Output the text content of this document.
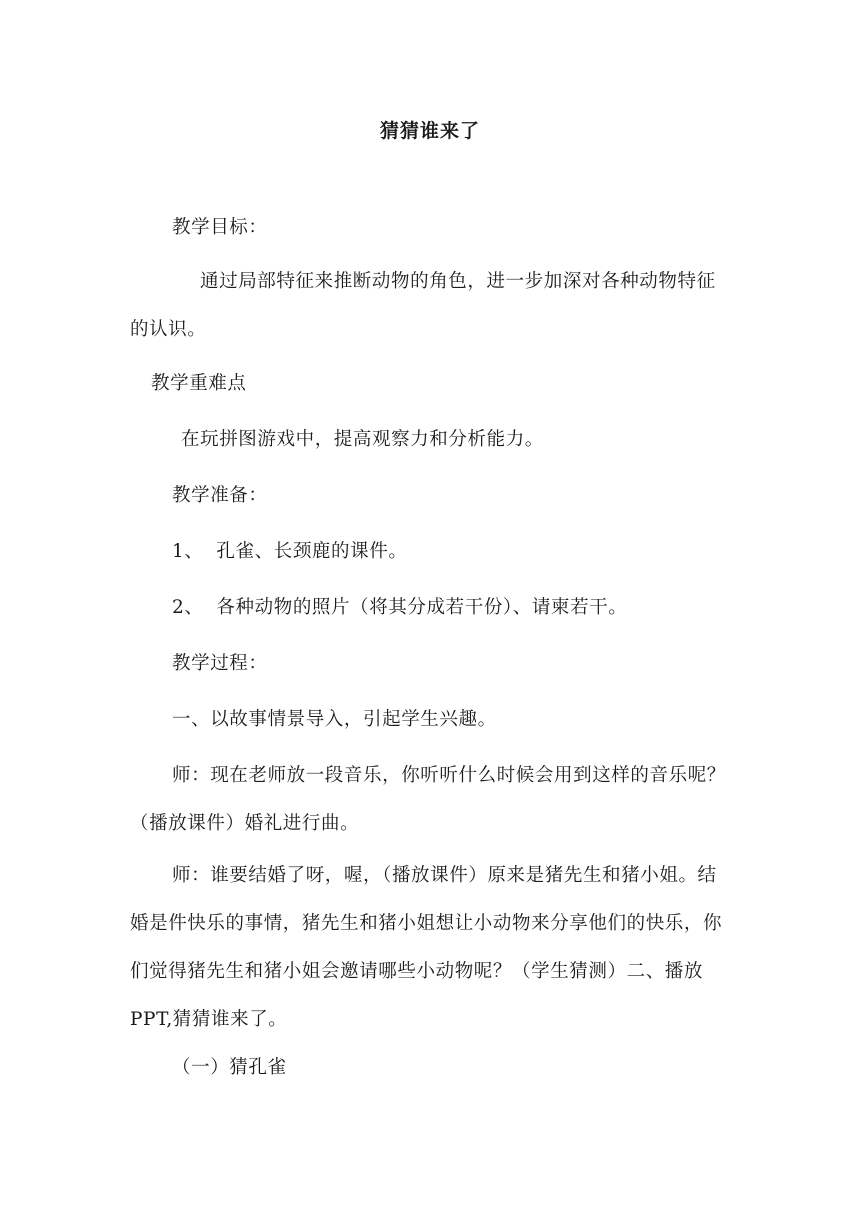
猜猜谁来了
教学目标：

通过局部特征来推断动物的角色，进一步加深对各种动物特征的认识。

教学重难点
在玩拼图游戏中，提高观察力和分析能力。
教学准备：
1、  孔雀、长颈鹿的课件。
2、  各种动物的照片（将其分成若干份）、请柬若干。
教学过程：
一、以故事情景导入，引起学生兴趣。

师：现在老师放一段音乐，你听听什么时候会用到这样的音乐呢？（播放课件）婚礼进行曲。

师：谁要结婚了呀，喔，（播放课件）原来是猪先生和猪小姐。结婚是件快乐的事情，猪先生和猪小姐想让小动物来分享他们的快乐，你们觉得猪先生和猪小姐会邀请哪些小动物呢？（学生猜测）二、播放PPT,猜猜谁来了。

（一）猜孔雀
